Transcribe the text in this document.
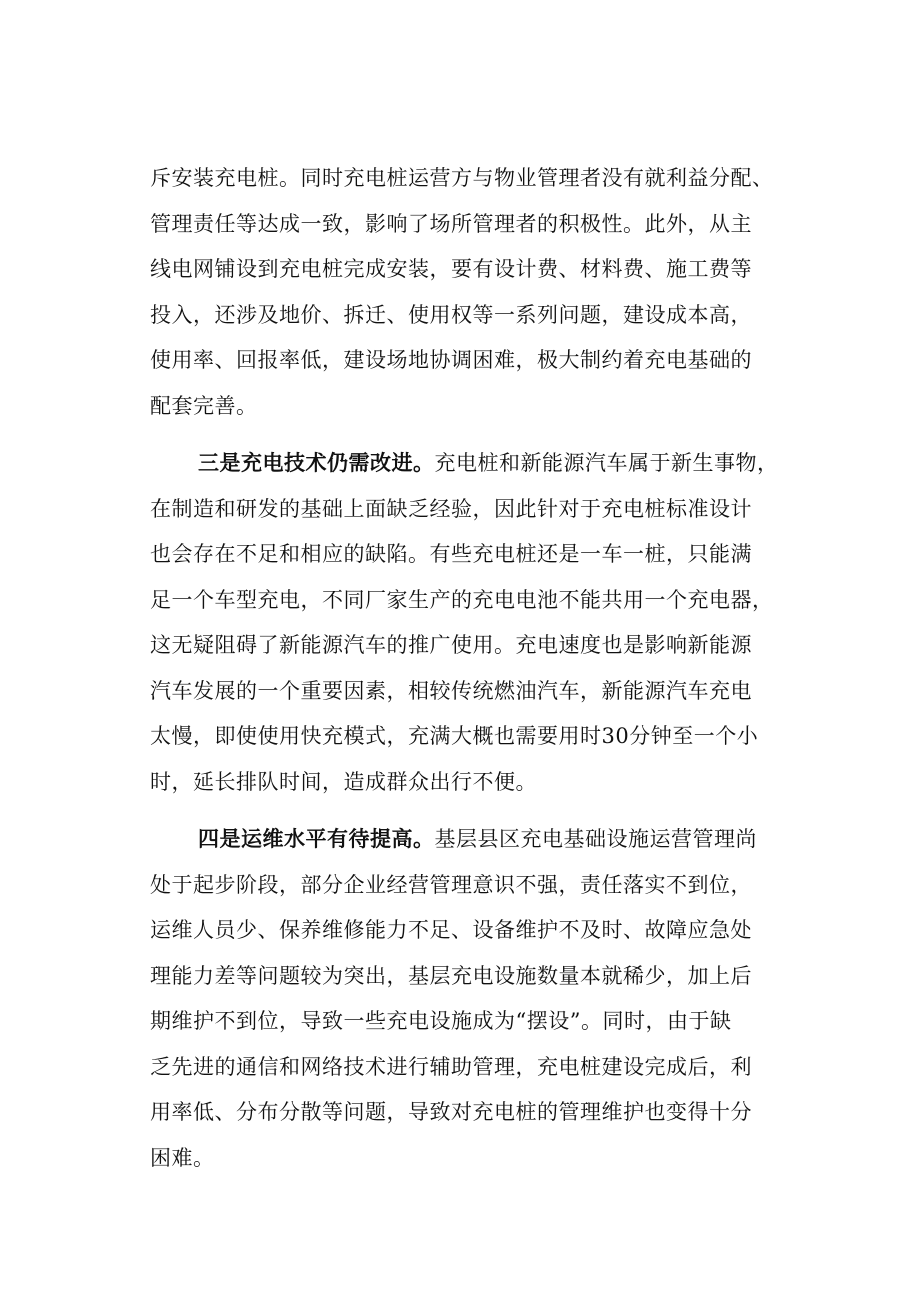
斥安装充电桩。同时充电桩运营方与物业管理者没有就利益分配、
管理责任等达成一致，影响了场所管理者的积极性。此外，从主
线电网铺设到充电桩完成安装，要有设计费、材料费、施工费等
投入，还涉及地价、拆迁、使用权等一系列问题，建设成本高，
使用率、回报率低，建设场地协调困难，极大制约着充电基础的
配套完善。
三是充电技术仍需改进。充电桩和新能源汽车属于新生事物，
在制造和研发的基础上面缺乏经验，因此针对于充电桩标准设计
也会存在不足和相应的缺陷。有些充电桩还是一车一桩，只能满
足一个车型充电，不同厂家生产的充电电池不能共用一个充电器，
这无疑阻碍了新能源汽车的推广使用。充电速度也是影响新能源
汽车发展的一个重要因素，相较传统燃油汽车，新能源汽车充电
太慢，即使使用快充模式，充满大概也需要用时30分钟至一个小
时，延长排队时间，造成群众出行不便。
四是运维水平有待提高。基层县区充电基础设施运营管理尚
处于起步阶段，部分企业经营管理意识不强，责任落实不到位，
运维人员少、保养维修能力不足、设备维护不及时、故障应急处
理能力差等问题较为突出，基层充电设施数量本就稀少，加上后
期维护不到位，导致一些充电设施成为“摆设”。同时，由于缺
乏先进的通信和网络技术进行辅助管理，充电桩建设完成后，利
用率低、分布分散等问题，导致对充电桩的管理维护也变得十分
困难。
